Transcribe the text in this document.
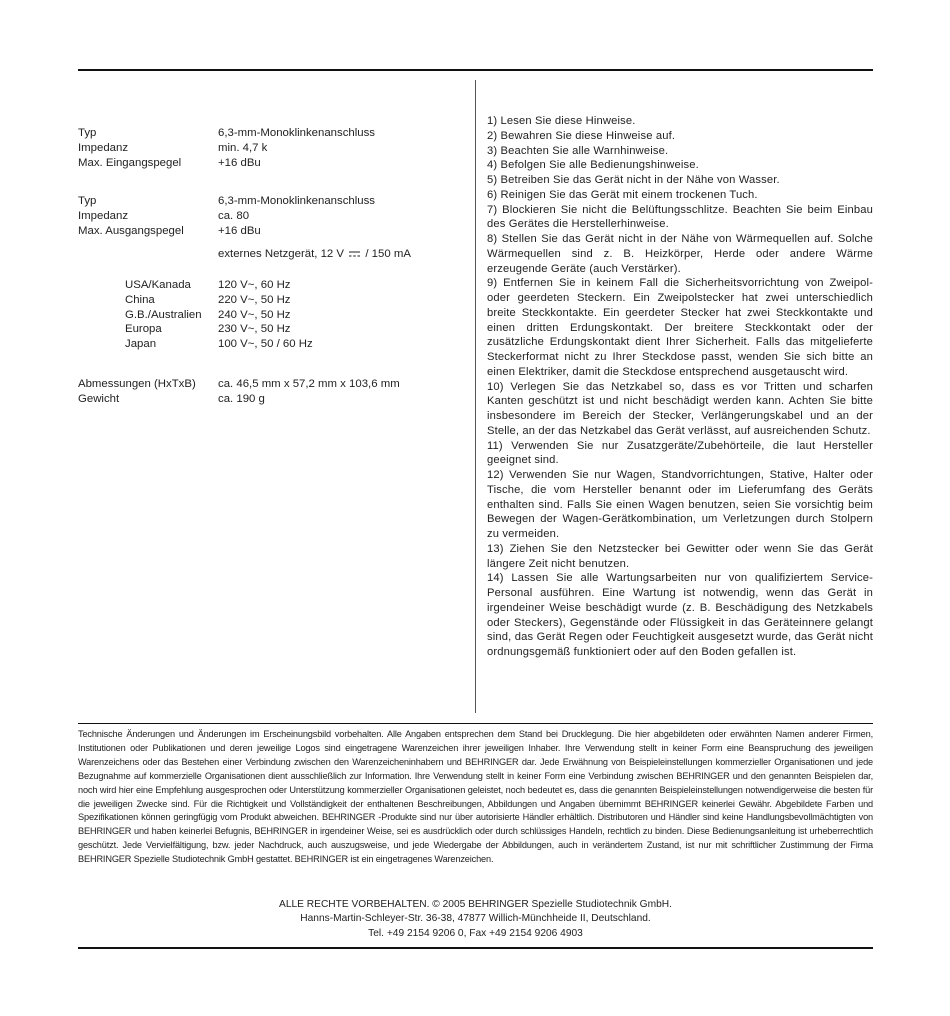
Typ	6,3-mm-Monoklinkenanschluss
Impedanz	min. 4,7 k
Max. Eingangspegel	+16 dBu
Typ	6,3-mm-Monoklinkenanschluss
Impedanz	ca. 80
Max. Ausgangspegel	+16 dBu
externes Netzgerät, 12 V / 150 mA
USA/Kanada 120 V~, 60 Hz
China	220 V~, 50 Hz
G.B./Australien 240 V~, 50 Hz
Europa	230 V~, 50 Hz
Japan	100 V~, 50 / 60 Hz
Abmessungen (HxTxB) ca. 46,5 mm x 57,2 mm x 103,6 mm
Gewicht	ca. 190 g

1) Lesen Sie diese Hinweise.

2) Bewahren Sie diese Hinweise auf.

3) Beachten Sie alle Warnhinweise.

4) Befolgen Sie alle Bedienungshinweise.

5) Betreiben Sie das Gerät nicht in der Nähe von Wasser.

6) Reinigen Sie das Gerät mit einem trockenen Tuch.

7) Blockieren Sie nicht die Belüftungsschlitze. Beachten Sie beim Einbau des Gerätes die Herstellerhinweise.

8) Stellen Sie das Gerät nicht in der Nähe von Wärmequellen auf. Solche Wärmequellen sind z. B. Heizkörper, Herde oder andere Wärme erzeugende Geräte (auch Verstärker).

9) Entfernen Sie in keinem Fall die Sicherheitsvorrichtung von Zweipol- oder geerdeten Steckern. Ein Zweipolstecker hat zwei unterschiedlich breite Steckkontakte. Ein geerdeter Stecker hat zwei Steckkontakte und einen dritten Erdungskontakt. Der breitere Steckkontakt oder der zusätzliche Erdungskontakt dient Ihrer Sicherheit. Falls das mitgelieferte Steckerformat nicht zu Ihrer Steckdose passt, wenden Sie sich bitte an einen Elektriker, damit die Steckdose entsprechend ausgetauscht wird.

10) Verlegen Sie das Netzkabel so, dass es vor Tritten und scharfen Kanten geschützt ist und nicht beschädigt werden kann. Achten Sie bitte insbesondere im Bereich der Stecker, Verlängerungskabel und an der Stelle, an der das Netzkabel das Gerät verlässt, auf ausreichenden Schutz.

11) Verwenden Sie nur Zusatzgeräte/Zubehörteile, die laut Hersteller geeignet sind.

12) Verwenden Sie nur Wagen, Standvorrichtungen, Stative, Halter oder Tische, die vom Hersteller benannt oder im Lieferumfang des Geräts enthalten sind. Falls Sie einen Wagen benutzen, seien Sie vorsichtig beim Bewegen der Wagen-Gerätkombination, um Verletzungen durch Stolpern zu vermeiden.

13) Ziehen Sie den Netzstecker bei Gewitter oder wenn Sie das Gerät längere Zeit nicht benutzen.

14) Lassen Sie alle Wartungsarbeiten nur von qualifiziertem Service-Personal ausführen. Eine Wartung ist notwendig, wenn das Gerät in irgendeiner Weise beschädigt wurde (z. B. Beschädigung des Netzkabels oder Steckers), Gegenstände oder Flüssigkeit in das Geräteinnere gelangt sind, das Gerät Regen oder Feuchtigkeit ausgesetzt wurde, das Gerät nicht ordnungsgemäß funktioniert oder auf den Boden gefallen ist.

Technische Änderungen und Änderungen im Erscheinungsbild vorbehalten. Alle Angaben entsprechen dem Stand bei Drucklegung. Die hier abgebildeten oder erwähnten Namen anderer Firmen, Institutionen oder Publikationen und deren jeweilige Logos sind eingetragene Warenzeichen ihrer jeweiligen Inhaber. Ihre Verwendung stellt in keiner Form eine Beanspruchung des jeweiligen Warenzeichens oder das Bestehen einer Verbindung zwischen den Warenzeicheninhabern und BEHRINGER dar. Jede Erwähnung von Beispieleinstellungen kommerzieller Organisationen und jede Bezugnahme auf kommerzielle Organisationen dient ausschließlich zur Information. Ihre Verwendung stellt in keiner Form eine Verbindung zwischen BEHRINGER und den genannten Beispielen dar, noch wird hier eine Empfehlung ausgesprochen oder Unterstützung kommerzieller Organisationen geleistet, noch bedeutet es, dass die genannten Beispieleinstellungen notwendigerweise die besten für die jeweiligen Zwecke sind. Für die Richtigkeit und Vollständigkeit der enthaltenen Beschreibungen, Abbildungen und Angaben übernimmt BEHRINGER keinerlei Gewähr. Abgebildete Farben und Spezifikationen können geringfügig vom Produkt abweichen. BEHRINGER -Produkte sind nur über autorisierte Händler erhältlich. Distributoren und Händler sind keine Handlungsbevollmächtigten von BEHRINGER und haben keinerlei Befugnis, BEHRINGER in irgendeiner Weise, sei es ausdrücklich oder durch schlüssiges Handeln, rechtlich zu binden. Diese Bedienungsanleitung ist urheberrechtlich geschützt. Jede Vervielfältigung, bzw. jeder Nachdruck, auch auszugsweise, und jede Wiedergabe der Abbildungen, auch in verändertem Zustand, ist nur mit schriftlicher Zustimmung der Firma BEHRINGER Spezielle Studiotechnik GmbH gestattet. BEHRINGER ist ein eingetragenes Warenzeichen.
ALLE RECHTE VORBEHALTEN. © 2005 BEHRINGER Spezielle Studiotechnik GmbH.
Hanns-Martin-Schleyer-Str. 36-38, 47877 Willich-Münchheide II, Deutschland.
Tel. +49 2154 9206 0, Fax +49 2154 9206 4903
